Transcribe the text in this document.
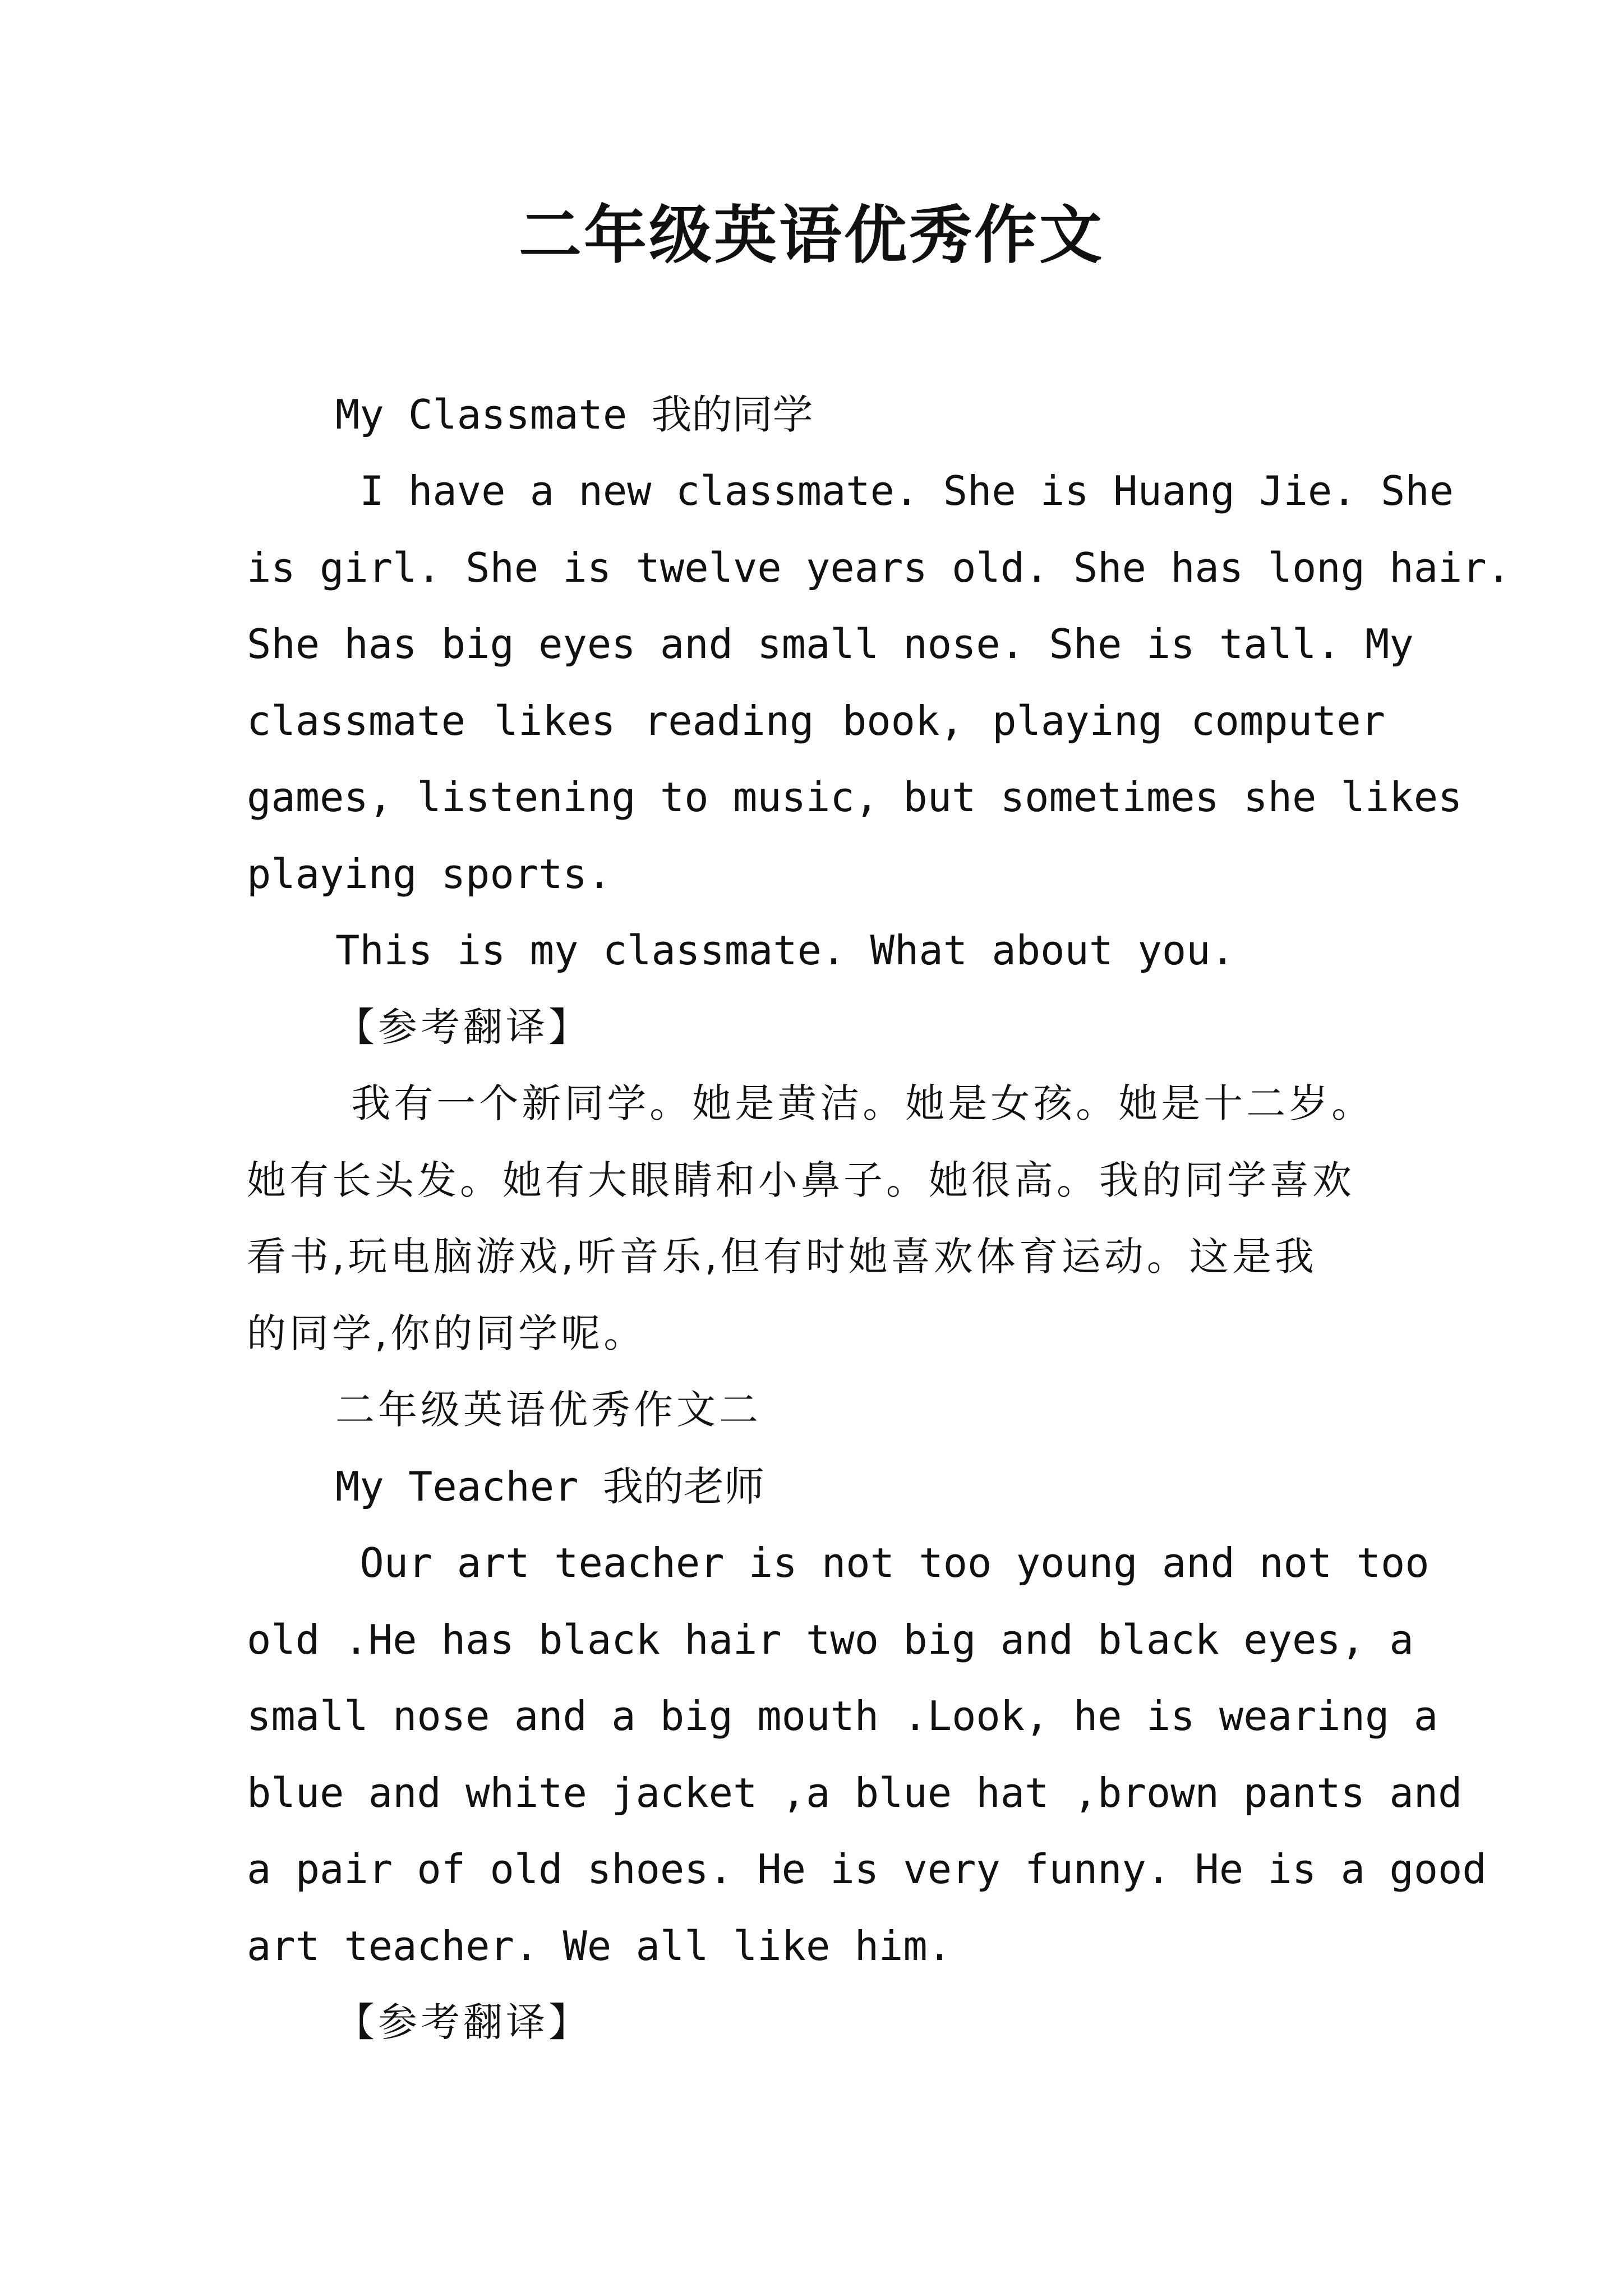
二年级英语优秀作文
My Classmate 我的同学
I have a new classmate. She is Huang Jie. She
is girl. She is twelve years old. She has long hair.
She has big eyes and small nose. She is tall. My
classmate likes reading book, playing computer
games, listening to music, but sometimes she likes
playing sports.
This is my classmate. What about you.
【参考翻译】
我有一个新同学。她是黄洁。她是女孩。她是十二岁。
她有长头发。她有大眼睛和小鼻子。她很高。我的同学喜欢
看书,玩电脑游戏,听音乐,但有时她喜欢体育运动。这是我
的同学,你的同学呢。
二年级英语优秀作文二
My Teacher 我的老师
Our art teacher is not too young and not too
old .He has black hair two big and black eyes, a
small nose and a big mouth .Look, he is wearing a
blue and white jacket ,a blue hat ,brown pants and
a pair of old shoes. He is very funny. He is a good
art teacher. We all like him.
【参考翻译】
